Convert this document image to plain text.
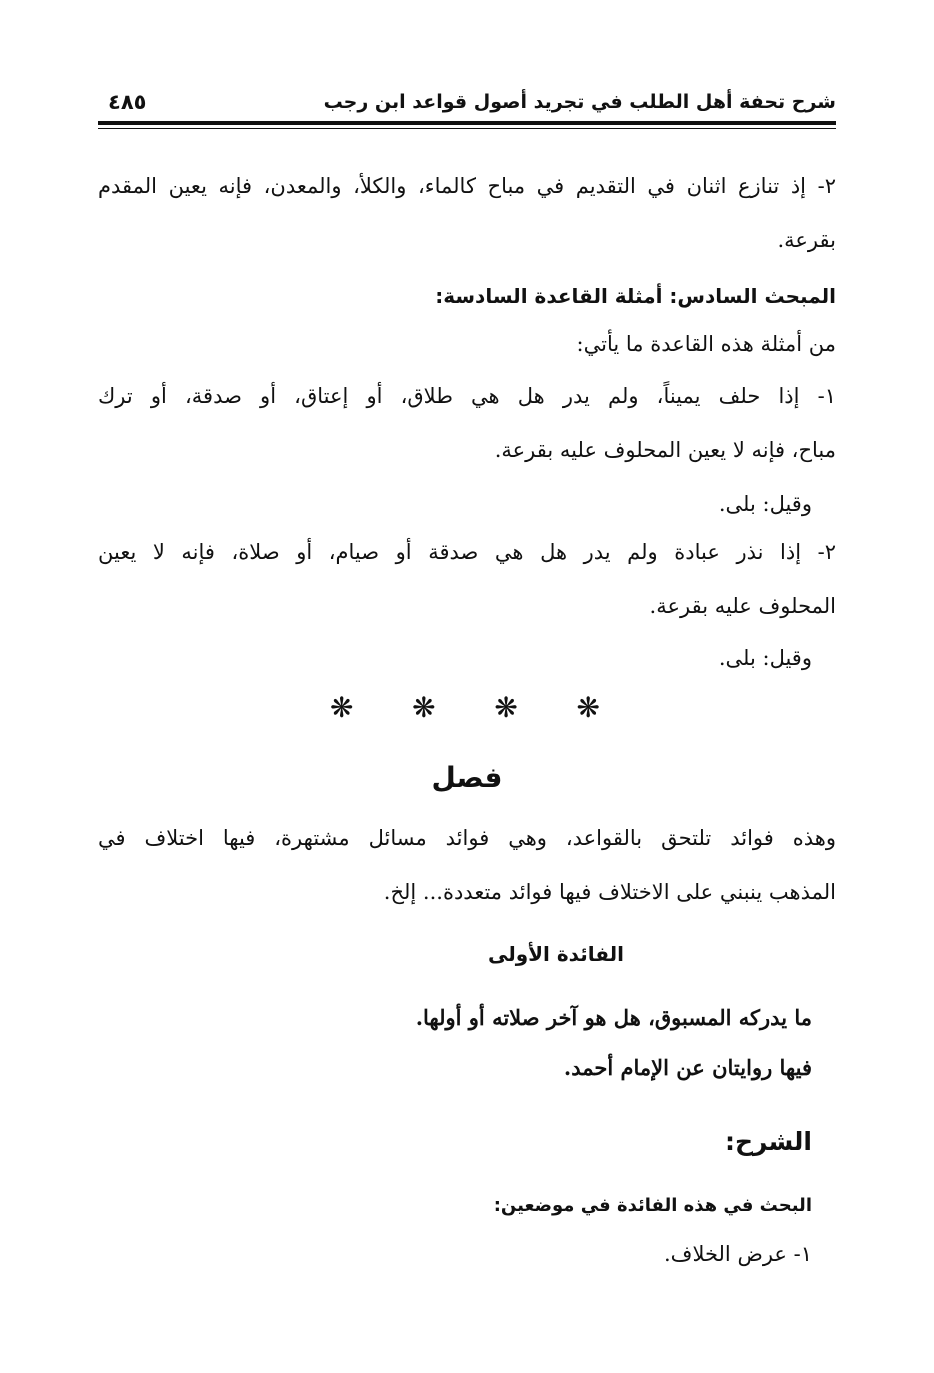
شرح تحفة أهل الطلب في تجريد أصول قواعد ابن رجب
٤٨٥
٢- إذ تنازع اثنان في التقديم في مباح كالماء، والكلأ، والمعدن، فإنه يعين المقدم
بقرعة.
المبحث السادس: أمثلة القاعدة السادسة:
من أمثلة هذه القاعدة ما يأتي:
١- إذا حلف يميناً، ولم يدر هل هي طلاق، أو إعتاق، أو صدقة، أو ترك
مباح، فإنه لا يعين المحلوف عليه بقرعة.
وقيل: بلى.
٢- إذا نذر عبادة ولم يدر هل هي صدقة أو صيام، أو صلاة، فإنه لا يعين
المحلوف عليه بقرعة.
وقيل: بلى.
❋ ❋ ❋ ❋
فصل
وهذه فوائد تلتحق بالقواعد، وهي فوائد مسائل مشتهرة، فيها اختلاف في
المذهب ينبني على الاختلاف فيها فوائد متعددة... إلخ.
الفائدة الأولى
ما يدركه المسبوق، هل هو آخر صلاته أو أولها.
فيها روايتان عن الإمام أحمد.
الشرح:
البحث في هذه الفائدة في موضعين:
١- عرض الخلاف.
